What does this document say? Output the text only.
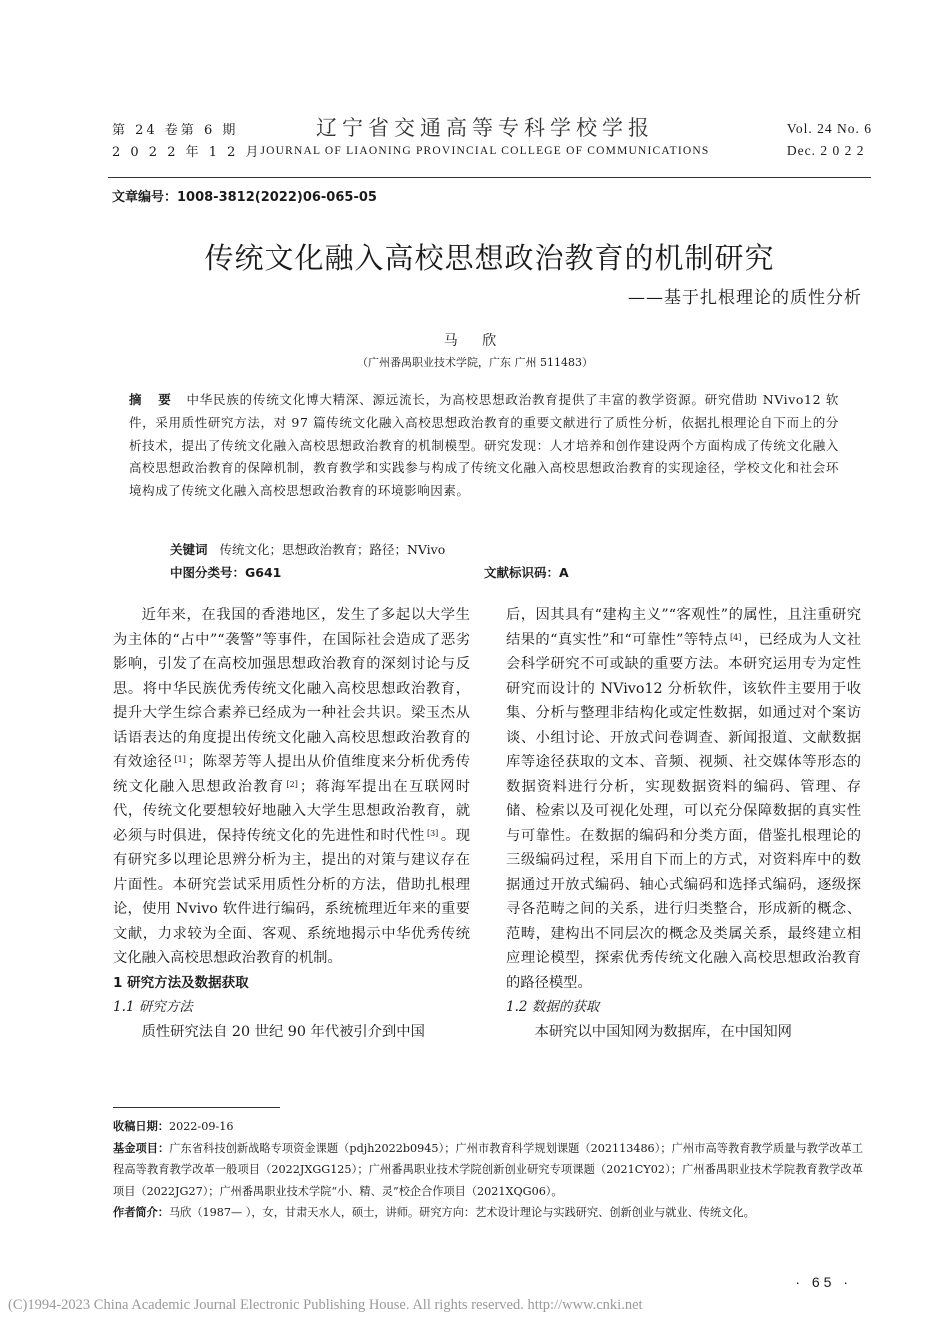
第 24 卷第 6 期
2 0 2 2 年 1 2 月
辽宁省交通高等专科学校学报
JOURNAL OF LIAONING PROVINCIAL COLLEGE OF COMMUNICATIONS
Vol. 24 No. 6
Dec. 2 0 2 2
文章编号：1008-3812(2022)06-065-05
传统文化融入高校思想政治教育的机制研究
——基于扎根理论的质性分析
马 欣
（广州番禺职业技术学院，广东 广州 511483）
摘 要 中华民族的传统文化博大精深、源远流长，为高校思想政治教育提供了丰富的教学资源。研究借助 NVivo12 软件，采用质性研究方法，对 97 篇传统文化融入高校思想政治教育的重要文献进行了质性分析，依据扎根理论自下而上的分析技术，提出了传统文化融入高校思想政治教育的机制模型。研究发现：人才培养和创作建设两个方面构成了传统文化融入高校思想政治教育的保障机制，教育教学和实践参与构成了传统文化融入高校思想政治教育的实现途径，学校文化和社会环境构成了传统文化融入高校思想政治教育的环境影响因素。
关键词 传统文化；思想政治教育；路径；NVivo
中图分类号：G641	文献标识码：A

近年来，在我国的香港地区，发生了多起以大学生为主体的“占中”“袭警”等事件，在国际社会造成了恶劣影响，引发了在高校加强思想政治教育的深刻讨论与反思。将中华民族优秀传统文化融入高校思想政治教育，提升大学生综合素养已经成为一种社会共识。梁玉杰从话语表达的角度提出传统文化融入高校思想政治教育的有效途径 [1] ；陈翠芳等人提出从价值维度来分析优秀传统文化融入思想政治教育 [2] ；蒋海军提出在互联网时代，传统文化要想较好地融入大学生思想政治教育，就必须与时俱进，保持传统文化的先进性和时代性 [3] 。现有研究多以理论思辨分析为主，提出的对策与建议存在片面性。本研究尝试采用质性分析的方法，借助扎根理论，使用 Nvivo 软件进行编码，系统梳理近年来的重要文献，力求较为全面、客观、系统地揭示中华优秀传统文化融入高校思想政治教育的机制。

1 研究方法及数据获取
1.1 研究方法

质性研究法自 20 世纪 90 年代被引介到中国

后，因其具有“建构主义”“客观性”的属性，且注重研究结果的“真实性”和“可靠性”等特点 [4] ，已经成为人文社会科学研究不可或缺的重要方法。本研究运用专为定性研究而设计的 NVivo12 分析软件，该软件主要用于收集、分析与整理非结构化或定性数据，如通过对个案访谈、小组讨论、开放式问卷调查、新闻报道、文献数据库等途径获取的文本、音频、视频、社交媒体等形态的数据资料进行分析，实现数据资料的编码、管理、存储、检索以及可视化处理，可以充分保障数据的真实性与可靠性。在数据的编码和分类方面，借鉴扎根理论的三级编码过程，采用自下而上的方式，对资料库中的数据通过开放式编码、轴心式编码和选择式编码，逐级探寻各范畴之间的关系，进行归类整合，形成新的概念、范畴，建构出不同层次的概念及类属关系，最终建立相应理论模型，探索优秀传统文化融入高校思想政治教育的路径模型。

1.2 数据的获取

本研究以中国知网为数据库，在中国知网

收稿日期：2022-09-16
基金项目：广东省科技创新战略专项资金课题（pdjh2022b0945）；广州市教育科学规划课题（202113486）；广州市高等教育教学质量与教学改革工程高等教育教学改革一般项目（2022JXGG125）；广州番禺职业技术学院创新创业研究专项课题（2021CY02）；广州番禺职业技术学院教育教学改革项目（2022JG27）；广州番禺职业技术学院“小、精、灵”校企合作项目（2021XQG06）。
作者简介：马欣（1987— ），女，甘肃天水人，硕士，讲师。研究方向：艺术设计理论与实践研究、创新创业与就业、传统文化。
· 65 ·
(C)1994-2023 China Academic Journal Electronic Publishing House. All rights reserved. http://www.cnki.net
